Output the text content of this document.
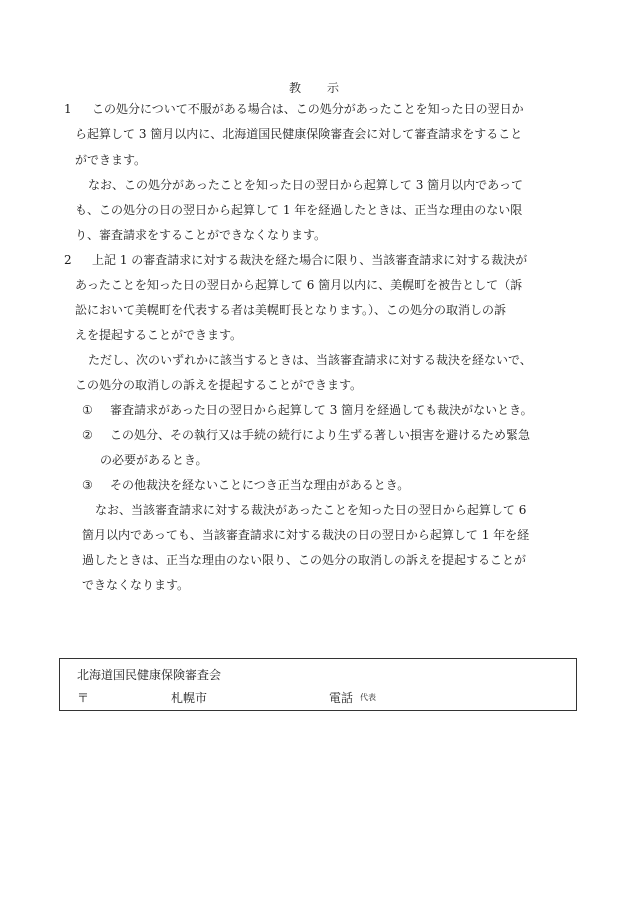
教 示
1 この処分について不服がある場合は、この処分があったことを知った日の翌日か
ら起算して 3 箇月以内に、北海道国民健康保険審査会に対して審査請求をすること
ができます。
なお、この処分があったことを知った日の翌日から起算して 3 箇月以内であって
も、この処分の日の翌日から起算して 1 年を経過したときは、正当な理由のない限
り、審査請求をすることができなくなります。
2 上記 1 の審査請求に対する裁決を経た場合に限り、当該審査請求に対する裁決が
あったことを知った日の翌日から起算して 6 箇月以内に、美幌町を被告として（訴
訟において美幌町を代表する者は美幌町長となります。）、この処分の取消しの訴
えを提起することができます。
ただし、次のいずれかに該当するときは、当該審査請求に対する裁決を経ないで、
この処分の取消しの訴えを提起することができます。
① 審査請求があった日の翌日から起算して 3 箇月を経過しても裁決がないとき。
② この処分、その執行又は手続の続行により生ずる著しい損害を避けるため緊急
の必要があるとき。
③ その他裁決を経ないことにつき正当な理由があるとき。
なお、当該審査請求に対する裁決があったことを知った日の翌日から起算して 6
箇月以内であっても、当該審査請求に対する裁決の日の翌日から起算して 1 年を経
過したときは、正当な理由のない限り、この処分の取消しの訴えを提起することが
できなくなります。
北海道国民健康保険審査会
〒	札幌市	電話 代表
